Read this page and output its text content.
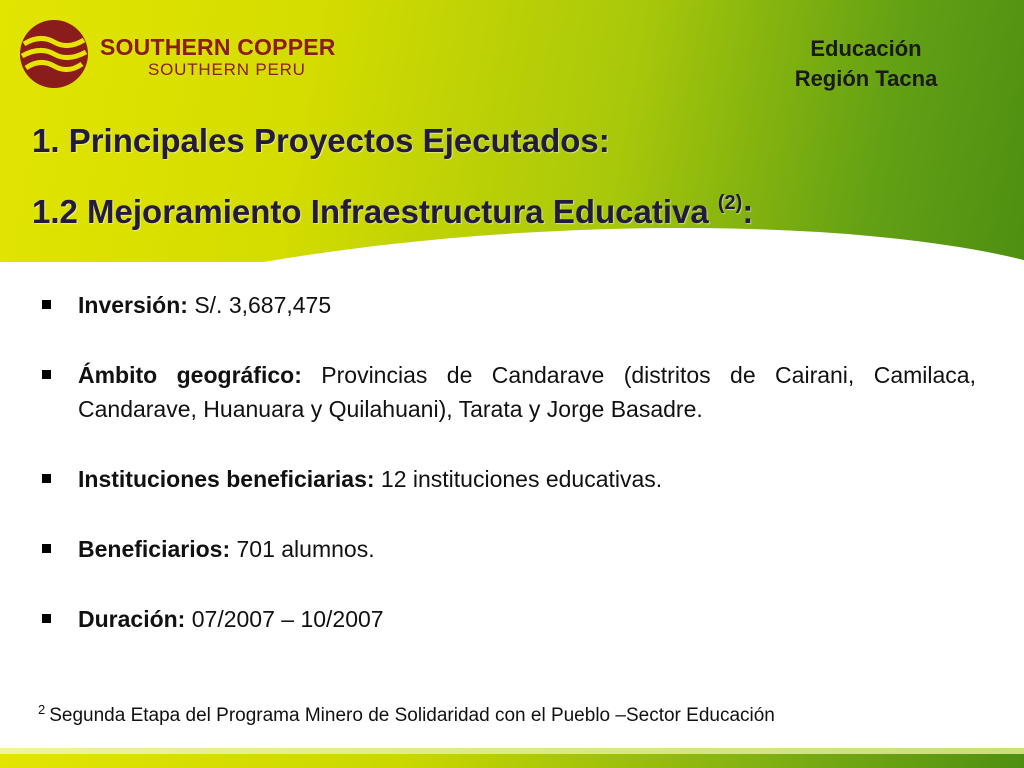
SOUTHERN COPPER
SOUTHERN PERU
Educación
Región Tacna
1. Principales Proyectos Ejecutados:
1.2 Mejoramiento Infraestructura Educativa $^{(2)}$:
Inversión: S/. 3,687,475
Ámbito geográfico: Provincias de Candarave (distritos de Cairani, Camilaca, Candarave, Huanuara y Quilahuani), Tarata y Jorge Basadre.
Instituciones beneficiarias: 12 instituciones educativas.
Beneficiarios: 701 alumnos.
Duración: 07/2007 – 10/2007
$^2$ Segunda Etapa del Programa Minero de Solidaridad con el Pueblo –Sector Educación
